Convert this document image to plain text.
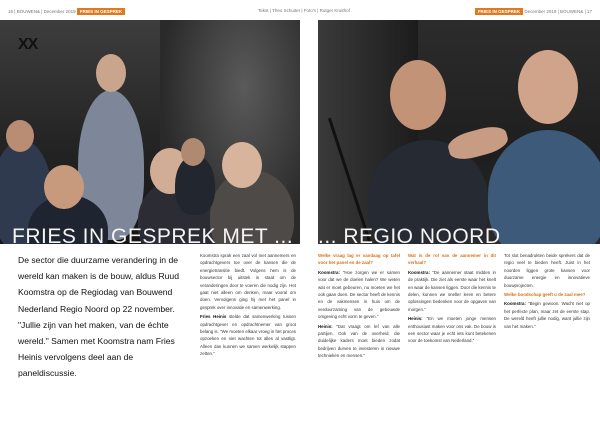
16 | BOUWEN& | December 2019 FRIES IN GESPREK	Tekst | Theo Schuiter | Foto's | Rutger Kruithof	FRIES IN GESPREK December 2019 | BOUWEN& | 17
XX
FRIES IN GESPREK MET ... ... REGIO NOORD
De sector die duurzame verandering in de wereld kan maken is de bouw, aldus Ruud Koomstra op de Regiodag van Bouwend Nederland Regio Noord op 22 november. "Jullie zijn van het maken, van de échte wereld." Samen met Koomstra nam Fries Heinis vervolgens deel aan de paneldiscussie.

Koomstra sprak een zaal vol met aannemers en opdrachtgevers toe over de kansen die de energietransitie biedt. Volgens hem is de bouwsector bij uitstek in staat om de veranderingen door te voeren die nodig zijn. Het gaat niet alleen om denken, maar vooral om doen. Vervolgens ging hij met het panel in gesprek over innovatie en samenwerking.

Fries Heinis stelde dat samenwerking tussen opdrachtgever en opdrachtnemer van groot belang is. "We moeten elkaar vroeg in het proces opzoeken en niet wachten tot alles al vastligt. Alleen dan kunnen we samen werkelijk stappen zetten."

Welke vraag lag er vandaag op tafel voor het panel en de zaal?

Koomstra: "Hoe zorgen we er samen voor dat we de doelen halen? We weten wat er moet gebeuren, nu moeten we het ook gaan doen. De sector heeft de kennis en de vakmensen in huis om de verduurzaming van de gebouwde omgeving echt vorm te geven."

Heinis: "Dat vraagt om lef van alle partijen. Ook van de overheid, die duidelijke kaders moet bieden zodat bedrijven durven te investeren in nieuwe technieken en mensen."

Wat is de rol van de aannemer in dit verhaal?

Koomstra: "De aannemer staat midden in de praktijk. Die ziet als eerste waar het knelt en waar de kansen liggen. Door die kennis te delen, kunnen we sneller leren en betere oplossingen bedenken voor de opgaven van morgen."

Heinis: "En we moeten jonge mensen enthousiast maken voor ons vak. De bouw is een sector waar je echt iets kunt betekenen voor de toekomst van Nederland."

Tot slot benadrukten beide sprekers dat de regio veel te bieden heeft. Juist in het noorden liggen grote kansen voor duurzame energie en innovatieve bouwprojecten.

Welke boodschap geeft u de zaal mee?

Koomstra: "Begin gewoon. Wacht niet op het perfecte plan, maar zet de eerste stap. De wereld heeft jullie nodig, want jullie zijn van het maken."
